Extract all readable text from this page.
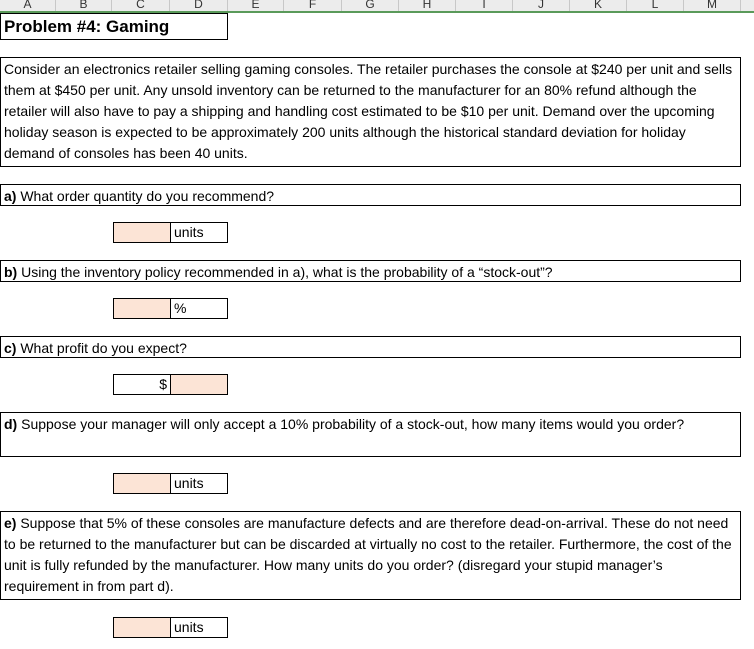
A	B	C	D	E	F	G	H	I	J	K	L	M
Problem #4: Gaming

Consider an electronics retailer selling gaming consoles. The retailer purchases the console at $240 per unit and sells them at $450 per unit. Any unsold inventory can be returned to the manufacturer for an 80% refund although the retailer will also have to pay a shipping and handling cost estimated to be $10 per unit. Demand over the upcoming holiday season is expected to be approximately 200 units although the historical standard deviation for holiday demand of consoles has been 40 units.

a) What order quantity do you recommend?

units

b) Using the inventory policy recommended in a), what is the probability of a “stock-out”?

%

c) What profit do you expect?

$

d) Suppose your manager will only accept a 10% probability of a stock-out, how many items would you order?

units

e) Suppose that 5% of these consoles are manufacture defects and are therefore dead-on-arrival. These do not need to be returned to the manufacturer but can be discarded at virtually no cost to the retailer. Furthermore, the cost of the unit is fully refunded by the manufacturer. How many units do you order? (disregard your stupid manager’s requirement in from part d).

units
